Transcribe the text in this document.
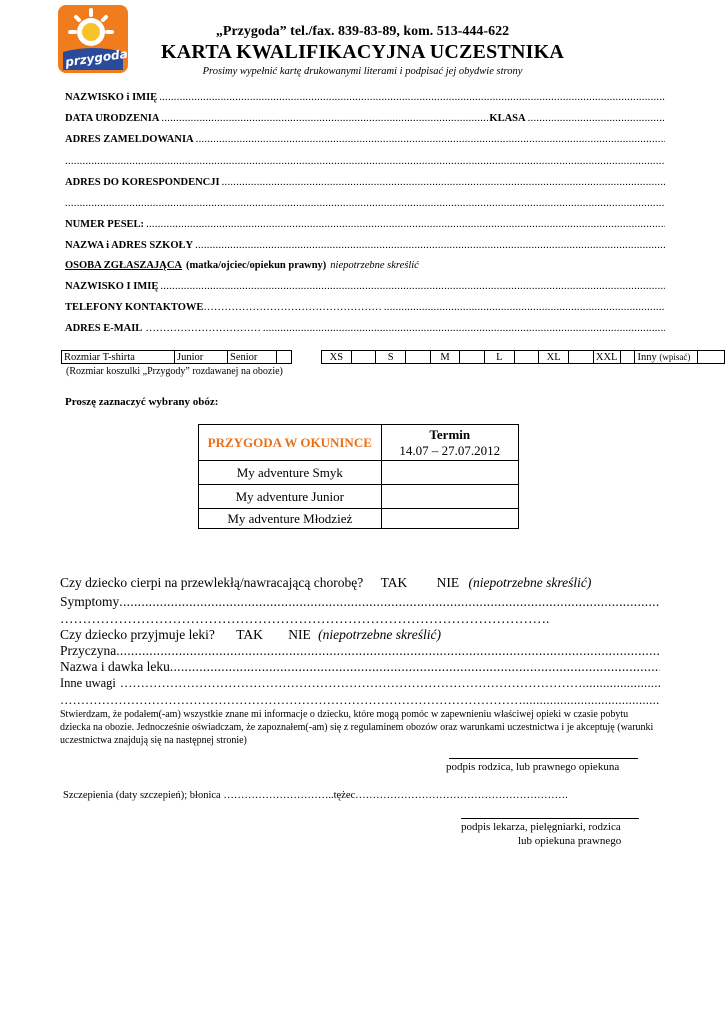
przygoda
„Przygoda” tel./fax. 839-83-89, kom. 513-444-622
KARTA KWALIFIKACYJNA UCZESTNIKA
Prosimy wypełnić kartę drukowanymi literami i podpisać jej obydwie strony
NAZWISKO i IMIĘ
.....
DATA URODZENIA .....	KLASA
.....
ADRES ZAMELDOWANIA
.....
.....
ADRES DO KORESPONDENCJI
.....
.....
NUMER PESEL:
.....
NAZWA i ADRES SZKOŁY
.....
OSOBA ZGŁASZAJĄCA (matka/ojciec/opiekun prawny) niepotrzebne skreślić
NAZWISKO I IMIĘ
.....
TELEFONY KONTAKTOWE ……………………………………………
.....
ADRES E-MAIL ……………………………
.....
Rozmiar T-shirta	Junior	Senior		XS		S		M		L		XL		XXL		Inny (wpisać)	
(Rozmiar koszulki „Przygody” rozdawanej na obozie)
Proszę zaznaczyć wybrany obóz:
PRZYGODA W OKUNINCE	Termin
14.07 – 27.07.2012

My adventure Smyk	
My adventure Junior	
My adventure Młodzież	
Czy dziecko cierpi na przewlekłą/nawracającą chorobę? TAK NIE (niepotrzebne skreślić)
Symptomy
.....
……………………………………………………………………………………………….
Czy dziecko przyjmuje leki? TAK NIE (niepotrzebne skreślić)
Przyczyna
.....
Nazwa i dawka leku
.....
Inne uwagi …………………………………………………………………………………………………
.....
…………………………………………………………………………………………………
.....
Stwierdzam, że podałem(-am) wszystkie znane mi informacje o dziecku, które mogą pomóc w zapewnieniu właściwej opieki w czasie pobytu dziecka na obozie. Jednocześnie oświadczam, że zapoznałem(-am) się z regulaminem obozów oraz warunkami uczestnictwa i je akceptuję (warunki uczestnictwa znajdują się na następnej stronie)
podpis rodzica, lub prawnego opiekuna
Szczepienia (daty szczepień); błonica …………………………..tężec…………………………………………………….
podpis lekarza, pielęgniarki, rodzica
lub opiekuna prawnego
